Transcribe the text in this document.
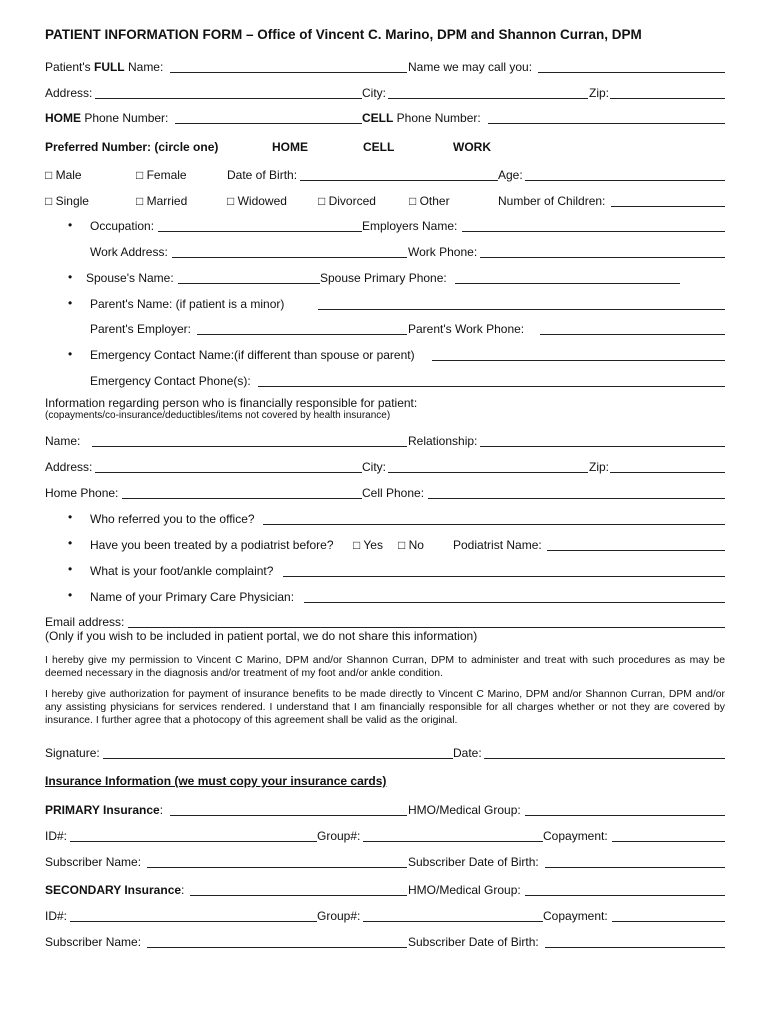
PATIENT INFORMATION FORM – Office of Vincent C. Marino, DPM and Shannon Curran, DPM
Patient's FULL Name:	Name we may call you:
Address:	City:	Zip:
HOME Phone Number:	CELL Phone Number:
Preferred Number: (circle one)	HOME	CELL	WORK
□ Male	□ Female	Date of Birth:	Age:
□ Single	□ Married	□ Widowed	□ Divorced	□ Other	Number of Children:
• Occupation:	Employers Name:
Work Address:	Work Phone:
• Spouse's Name:	Spouse Primary Phone:
• Parent's Name: (if patient is a minor)
Parent's Employer:	Parent's Work Phone:
• Emergency Contact Name:(if different than spouse or parent)
Emergency Contact Phone(s):
Information regarding person who is financially responsible for patient:
(copayments/co-insurance/deductibles/items not covered by health insurance)
Name:	Relationship:
Address:	City:	Zip:
Home Phone:	Cell Phone:
• Who referred you to the office?
• Have you been treated by a podiatrist before? □ Yes □ No Podiatrist Name:
• What is your foot/ankle complaint?
• Name of your Primary Care Physician:
Email address:
(Only if you wish to be included in patient portal, we do not share this information)
I hereby give my permission to Vincent C Marino, DPM and/or Shannon Curran, DPM to administer and treat with such procedures as may be deemed necessary in the diagnosis and/or treatment of my foot and/or ankle condition.
I hereby give authorization for payment of insurance benefits to be made directly to Vincent C Marino, DPM and/or Shannon Curran, DPM and/or any assisting physicians for services rendered. I understand that I am financially responsible for all charges whether or not they are covered by insurance. I further agree that a photocopy of this agreement shall be valid as the original.
Signature:	Date:
Insurance Information (we must copy your insurance cards)
PRIMARY Insurance:	HMO/Medical Group:
ID#:	Group#:	Copayment:
Subscriber Name:	Subscriber Date of Birth:
SECONDARY Insurance:	HMO/Medical Group:
ID#:	Group#:	Copayment:
Subscriber Name:	Subscriber Date of Birth:
